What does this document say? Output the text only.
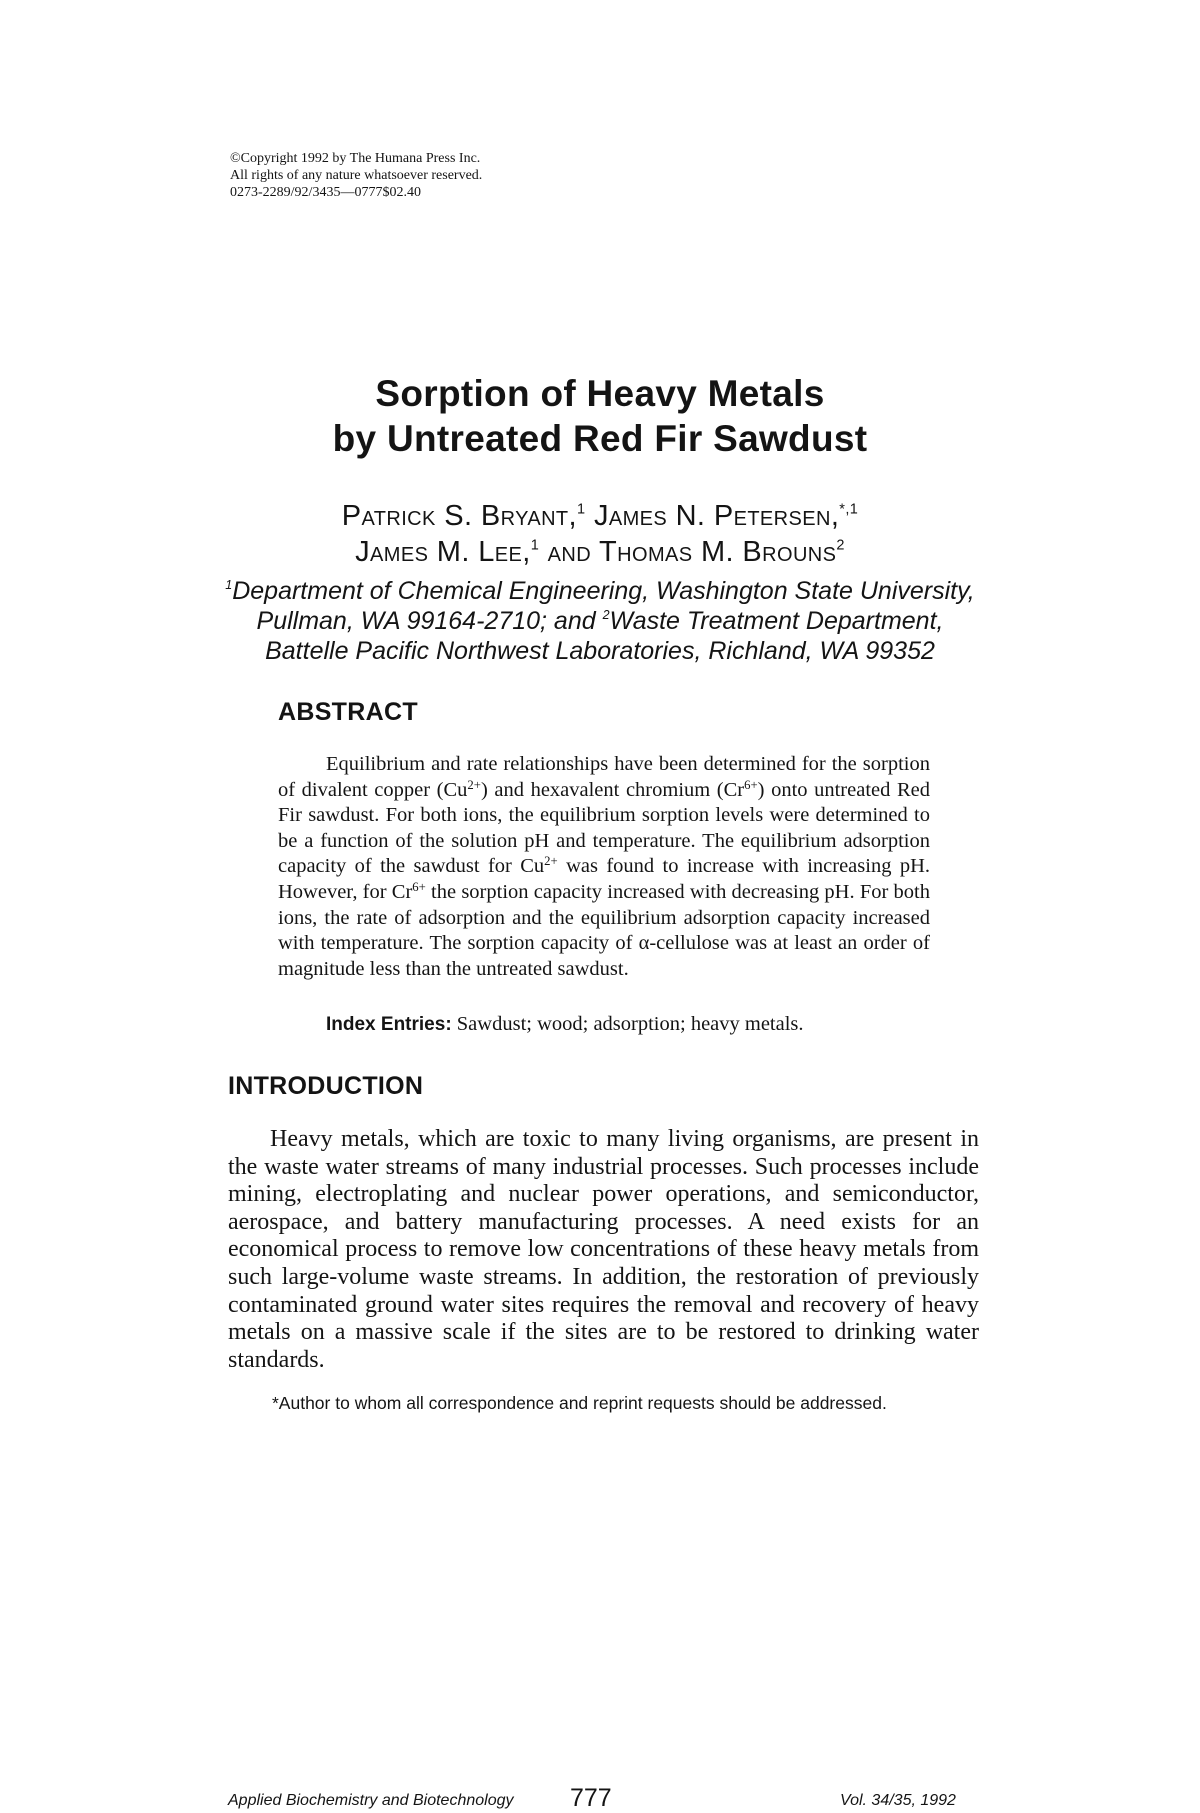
©Copyright 1992 by The Humana Press Inc.
All rights of any nature whatsoever reserved.
0273-2289/92/3435—0777$02.40
Sorption of Heavy Metals
by Untreated Red Fir Sawdust
Patrick S. Bryant,$^1$ James N. Petersen,$^{*,1}$
James M. Lee,$^1$ and Thomas M. Brouns$^2$
$^1$Department of Chemical Engineering, Washington State University,
Pullman, WA 99164-2710; and $^2$Waste Treatment Department,
Battelle Pacific Northwest Laboratories, Richland, WA 99352
ABSTRACT
Equilibrium and rate relationships have been determined for the sorption of divalent copper $(Cu^{2+})$ and hexavalent chromium $(Cr^{6+})$ onto untreated Red Fir sawdust. For both ions, the equilibrium sorption levels were determined to be a function of the solution pH and temperature. The equilibrium adsorption capacity of the sawdust for $Cu^{2+}$ was found to increase with increasing pH. However, for $Cr^{6+}$ the sorption capacity increased with decreasing pH. For both ions, the rate of adsorption and the equilibrium adsorption capacity increased with temperature. The sorption capacity of α-cellulose was at least an order of magnitude less than the untreated sawdust.
Index Entries: Sawdust; wood; adsorption; heavy metals.
INTRODUCTION
Heavy metals, which are toxic to many living organisms, are present in the waste water streams of many industrial processes. Such processes include mining, electroplating and nuclear power operations, and semiconductor, aerospace, and battery manufacturing processes. A need exists for an economical process to remove low concentrations of these heavy metals from such large-volume waste streams. In addition, the restoration of previously contaminated ground water sites requires the removal and recovery of heavy metals on a massive scale if the sites are to be restored to drinking water standards.
*Author to whom all correspondence and reprint requests should be addressed.
Applied Biochemistry and Biotechnology 777	Vol. 34/35, 1992
